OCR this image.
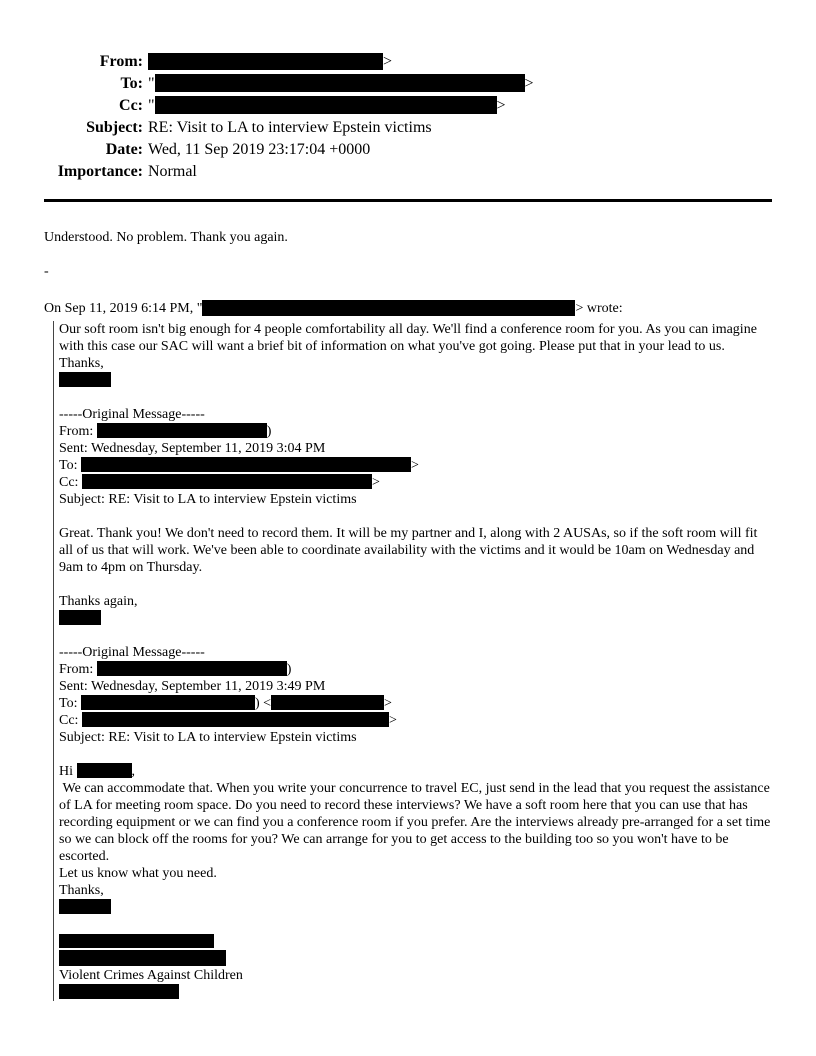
From:	>
To: "	>
Cc: "	>
Subject: RE: Visit to LA to interview Epstein victims
Date: Wed, 11 Sep 2019 23:17:04 +0000
Importance: Normal
Understood. No problem. Thank you again.
-
On Sep 11, 2019 6:14 PM, "	> wrote:
Our soft room isn't big enough for 4 people comfortability all day. We'll find a conference room for you. As you can imagine with this case our SAC will want a brief bit of information on what you've got going. Please put that in your lead to us.
Thanks,
-----Original Message-----
From:	)
Sent: Wednesday, September 11, 2019 3:04 PM
To:	>
Cc:	>
Subject: RE: Visit to LA to interview Epstein victims
Great. Thank you! We don't need to record them. It will be my partner and I, along with 2 AUSAs, so if the soft room will fit all of us that will work. We've been able to coordinate availability with the victims and it would be 10am on Wednesday and 9am to 4pm on Thursday.
Thanks again,
-----Original Message-----
From:	)
Sent: Wednesday, September 11, 2019 3:49 PM
To:	) <	>
Cc:	>
Subject: RE: Visit to LA to interview Epstein victims
Hi	,
We can accommodate that. When you write your concurrence to travel EC, just send in the lead that you request the assistance of LA for meeting room space. Do you need to record these interviews? We have a soft room here that you can use that has recording equipment or we can find you a conference room if you prefer. Are the interviews already pre-arranged for a set time so we can block off the rooms for you? We can arrange for you to get access to the building too so you won't have to be escorted.
Let us know what you need.
Thanks,
Violent Crimes Against Children
